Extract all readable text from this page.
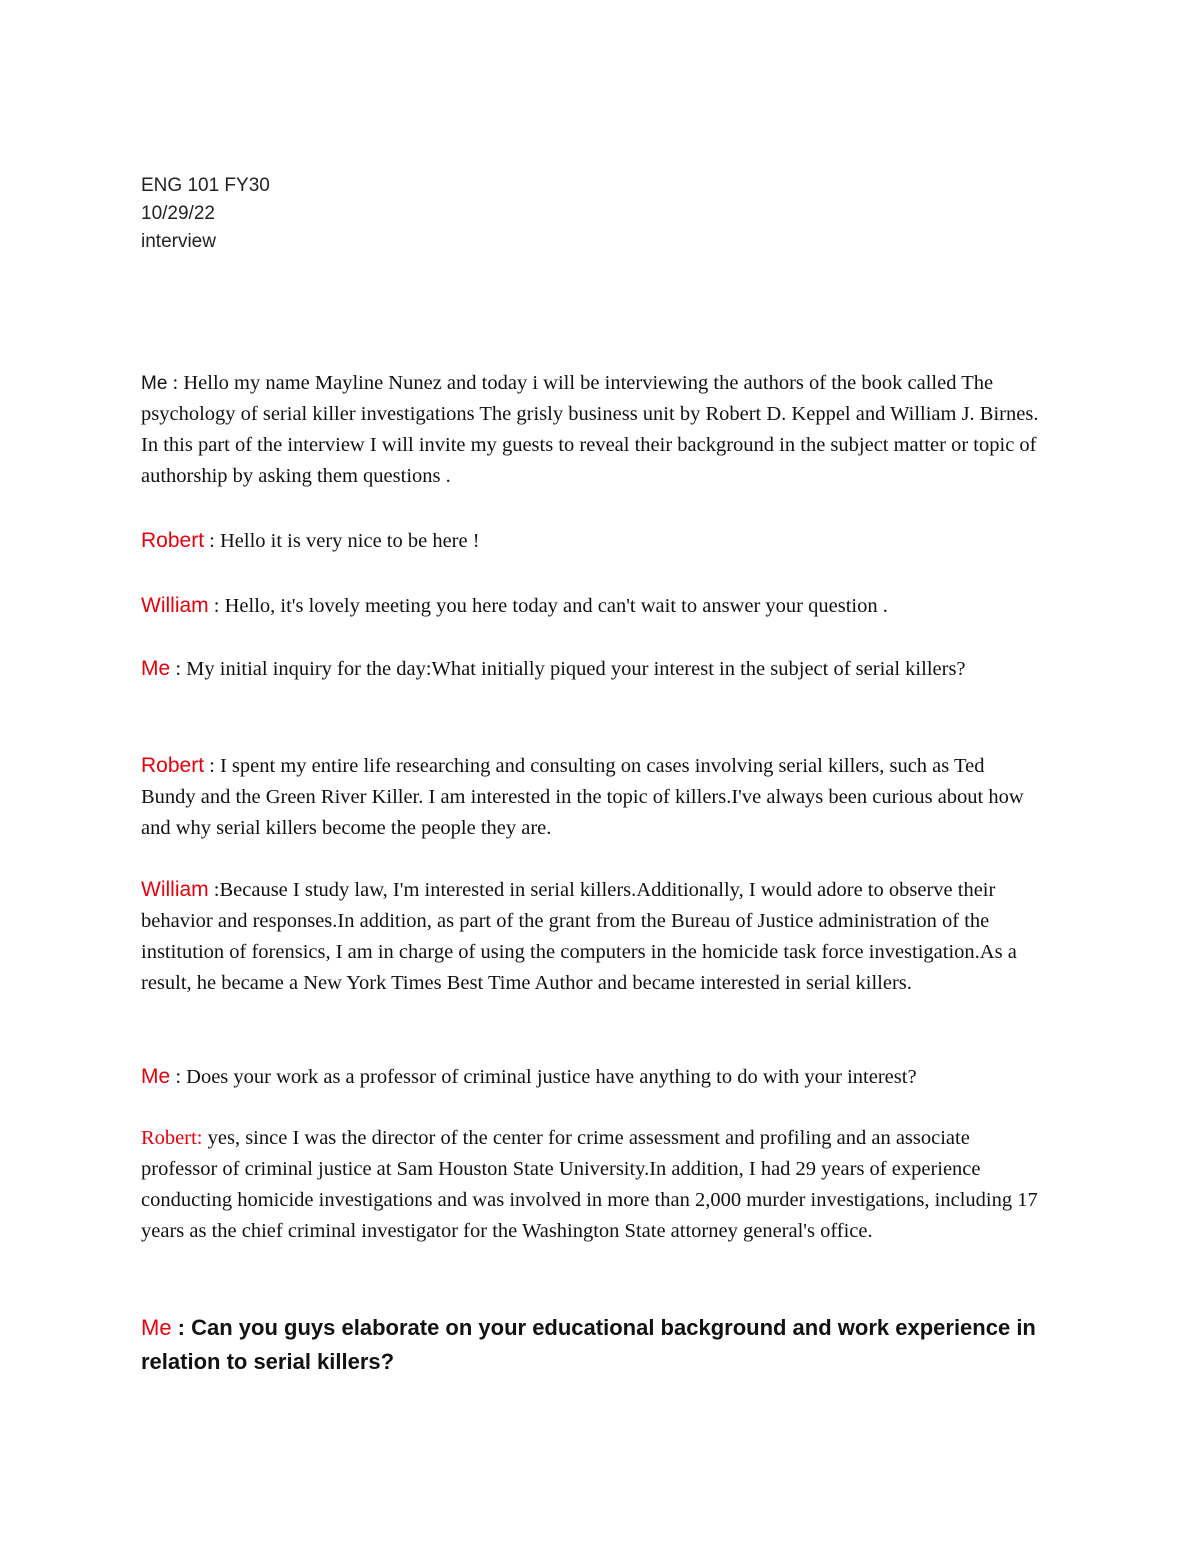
ENG 101 FY30
10/29/22
interview
Me : Hello my name Mayline Nunez and today i will be interviewing the authors of the book called The psychology of serial killer investigations The grisly business unit by Robert D. Keppel and William J. Birnes. In this part of the interview I will invite my guests to reveal their background in the subject matter or topic of authorship by asking them questions .
Robert : Hello it is very nice to be here !
William : Hello, it's lovely meeting you here today and can't wait to answer your question .
Me : My initial inquiry for the day:What initially piqued your interest in the subject of serial killers?
Robert : I spent my entire life researching and consulting on cases involving serial killers, such as Ted Bundy and the Green River Killer. I am interested in the topic of killers.I've always been curious about how and why serial killers become the people they are.
William :Because I study law, I'm interested in serial killers.Additionally, I would adore to observe their behavior and responses.In addition, as part of the grant from the Bureau of Justice administration of the institution of forensics, I am in charge of using the computers in the homicide task force investigation.As a result, he became a New York Times Best Time Author and became interested in serial killers.
Me : Does your work as a professor of criminal justice have anything to do with your interest?
Robert: yes, since I was the director of the center for crime assessment and profiling and an associate professor of criminal justice at Sam Houston State University.In addition, I had 29 years of experience conducting homicide investigations and was involved in more than 2,000 murder investigations, including 17 years as the chief criminal investigator for the Washington State attorney general's office.
Me : Can you guys elaborate on your educational background and work experience in relation to serial killers?
